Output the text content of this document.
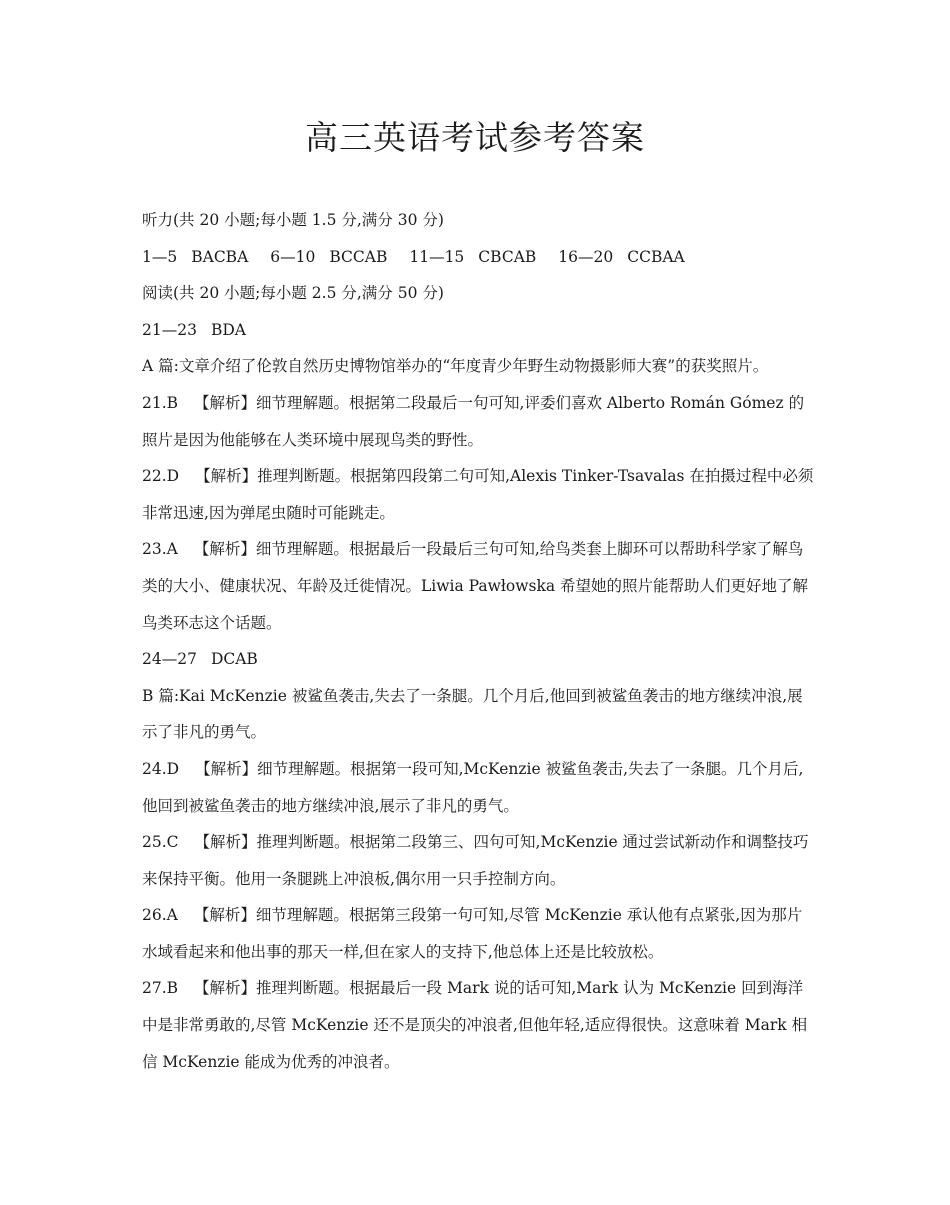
高三英语考试参考答案

听力(共 20 小题;每小题 1.5 分,满分 30 分)

1—5 BACBA 6—10 BCCAB 11—15 CBCAB 16—20 CCBAA

阅读(共 20 小题;每小题 2.5 分,满分 50 分)

21—23 BDA

A 篇:文章介绍了伦敦自然历史博物馆举办的“年度青少年野生动物摄影师大赛”的获奖照片。

21.B 【解析】细节理解题。根据第二段最后一句可知,评委们喜欢 Alberto Román Gómez 的照片是因为他能够在人类环境中展现鸟类的野性。

22.D 【解析】推理判断题。根据第四段第二句可知,Alexis Tinker-Tsavalas 在拍摄过程中必须非常迅速,因为弹尾虫随时可能跳走。

23.A 【解析】细节理解题。根据最后一段最后三句可知,给鸟类套上脚环可以帮助科学家了解鸟类的大小、健康状况、年龄及迁徙情况。Liwia Pawłowska 希望她的照片能帮助人们更好地了解鸟类环志这个话题。

24—27 DCAB

B 篇:Kai McKenzie 被鲨鱼袭击,失去了一条腿。几个月后,他回到被鲨鱼袭击的地方继续冲浪,展示了非凡的勇气。

24.D 【解析】细节理解题。根据第一段可知,McKenzie 被鲨鱼袭击,失去了一条腿。几个月后,他回到被鲨鱼袭击的地方继续冲浪,展示了非凡的勇气。

25.C 【解析】推理判断题。根据第二段第三、四句可知,McKenzie 通过尝试新动作和调整技巧来保持平衡。他用一条腿跳上冲浪板,偶尔用一只手控制方向。

26.A 【解析】细节理解题。根据第三段第一句可知,尽管 McKenzie 承认他有点紧张,因为那片水域看起来和他出事的那天一样,但在家人的支持下,他总体上还是比较放松。

27.B 【解析】推理判断题。根据最后一段 Mark 说的话可知,Mark 认为 McKenzie 回到海洋中是非常勇敢的,尽管 McKenzie 还不是顶尖的冲浪者,但他年轻,适应得很快。这意味着 Mark 相信 McKenzie 能成为优秀的冲浪者。
